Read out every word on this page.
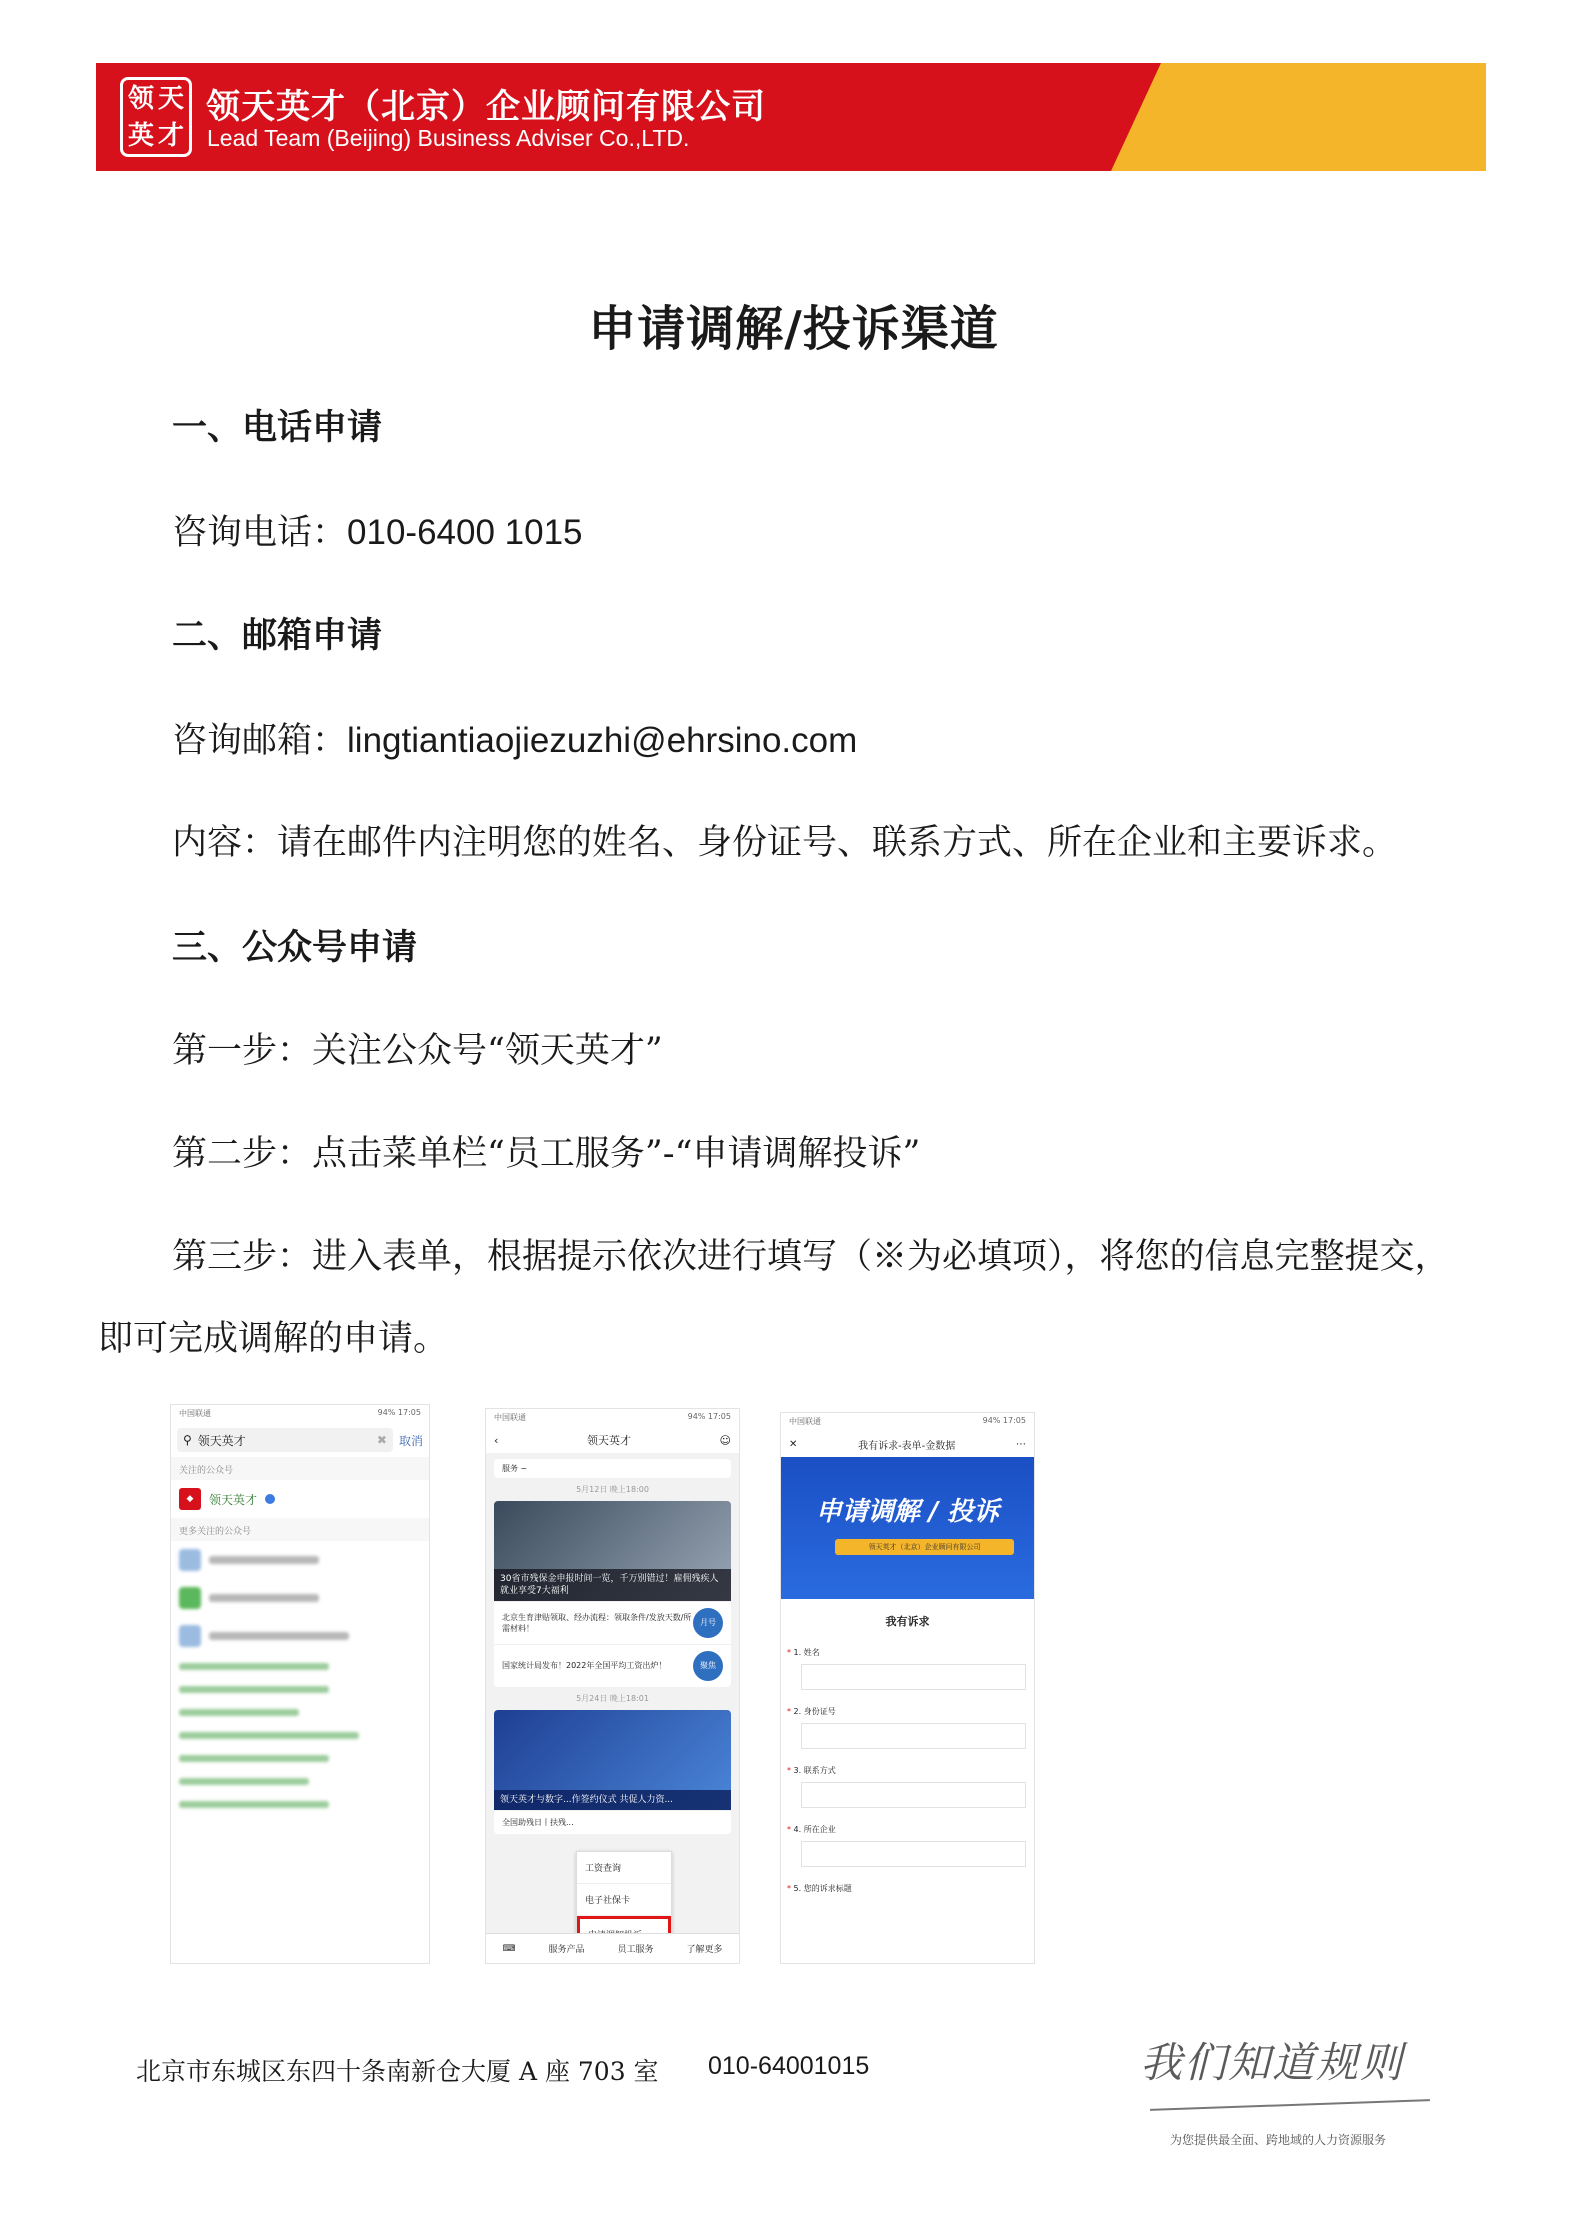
领 天
英 才
领天英才（北京）企业顾问有限公司
Lead Team (Beijing) Business Adviser Co.,LTD.
申请调解/投诉渠道
一、电话申请
咨询电话：010-6400 1015
二、邮箱申请
咨询邮箱：lingtiantiaojiezuzhi@ehrsino.com
内容：请在邮件内注明您的姓名、身份证号、联系方式、所在企业和主要诉求。
三、公众号申请
第一步：关注公众号“领天英才”
第二步：点击菜单栏“员工服务”-“申请调解投诉”
第三步：进入表单，根据提示依次进行填写（※为必填项），将您的信息完整提交，
即可完成调解的申请。
中国联通	94% 17:05
⚲ 领天英才	✖ 取消
关注的公众号
◆	领天英才
更多关注的公众号
中国联通	94% 17:05
‹	领天英才	☺
服务 ~
5月12日 晚上18:00
30省市残保金申报时间一览，千万别错过！雇佣残疾人就业享受7大福利
北京生育津贴领取、经办流程：领取条件/发放天数/所需材料！
月号
国家统计局发布！2022年全国平均工资出炉！	聚焦
5月24日 晚上18:01
领天英才与数字...作签约仪式 共促人力资...
全国助残日丨扶残...
工资查询
电子社保卡
⌨	服务产品	员工服务	了解更多
中国联通	94% 17:05
✕	我有诉求-表单-金数据	⋯
申请调解 / 投诉
领天英才（北京）企业顾问有限公司
我有诉求
* 1. 姓名
* 2. 身份证号
* 3. 联系方式
* 4. 所在企业
* 5. 您的诉求标题
北京市东城区东四十条南新仓大厦 A 座 703 室 010-64001015	我们知道规则
为您提供最全面、跨地域的人力资源服务
